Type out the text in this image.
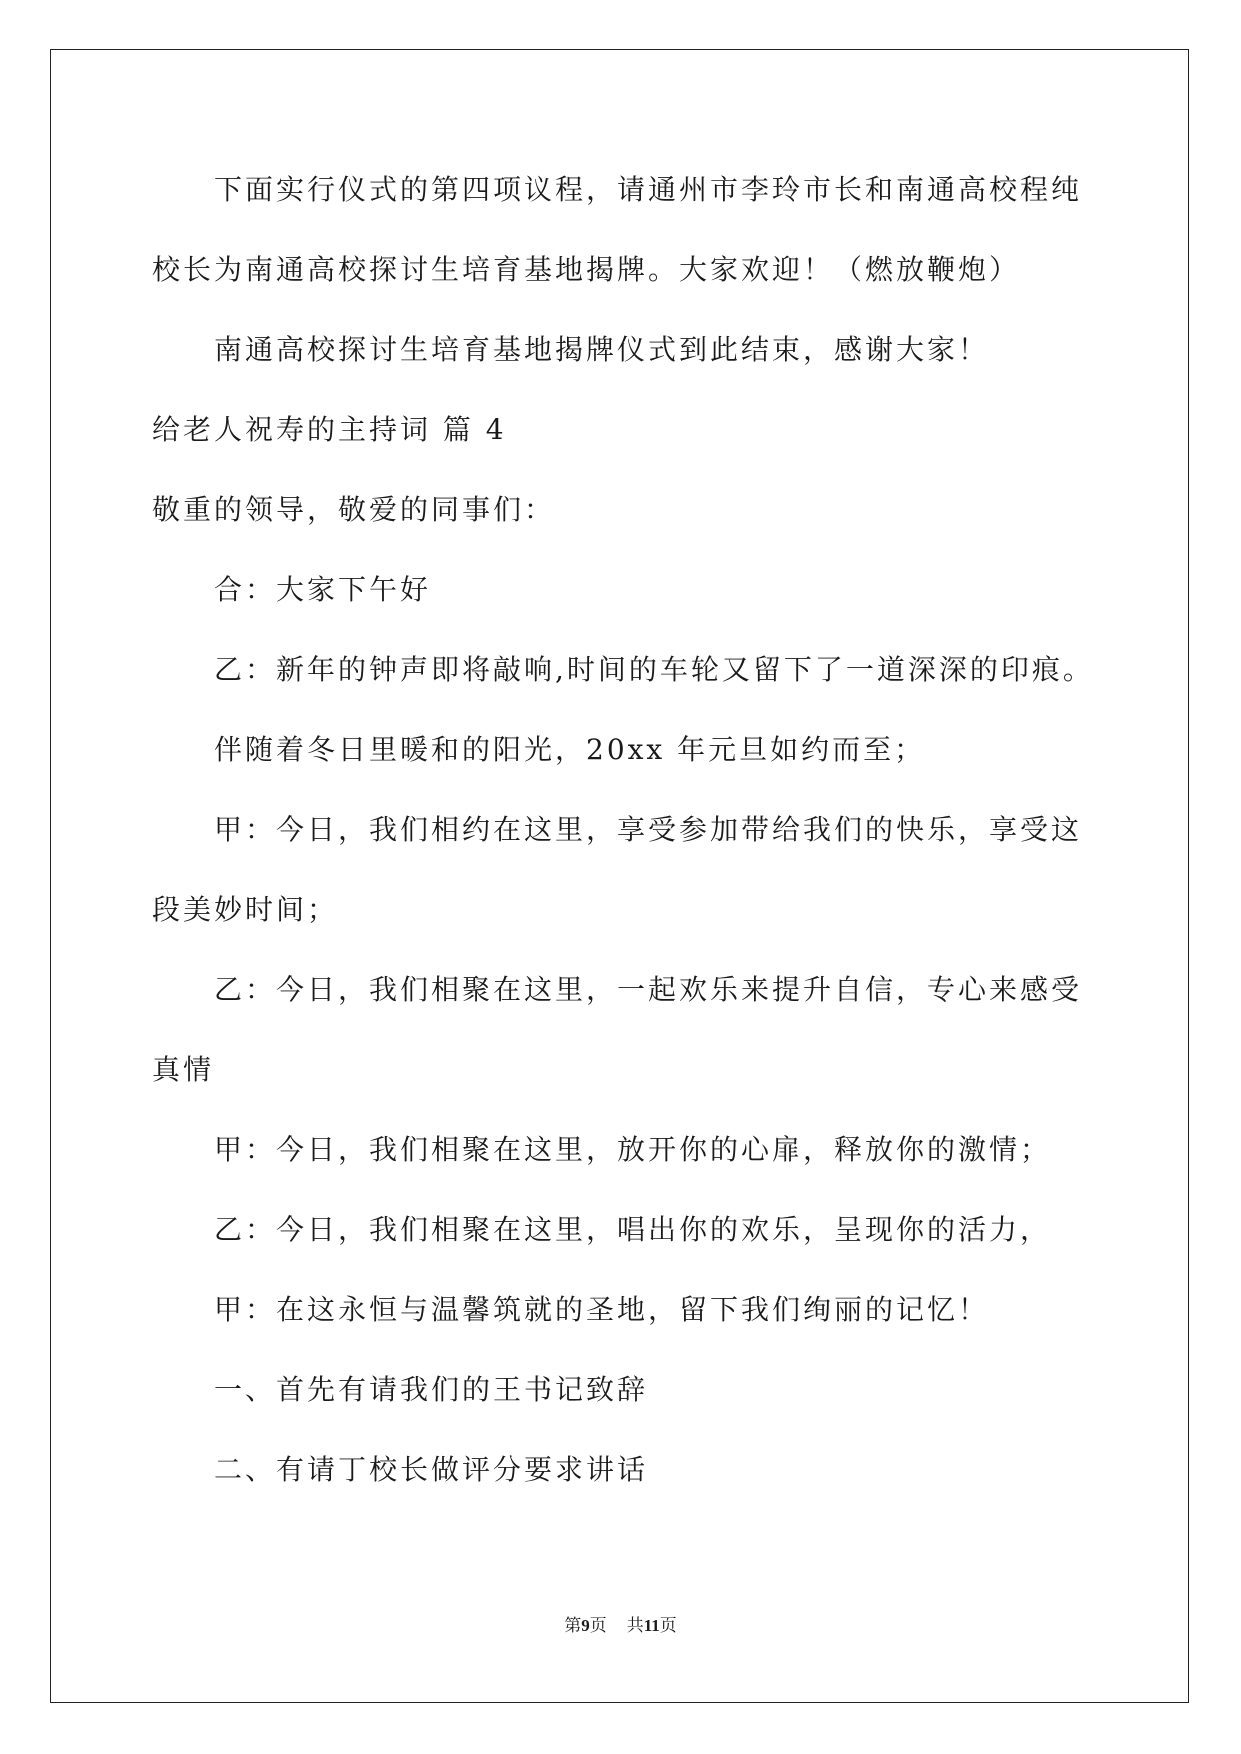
下面实行仪式的第四项议程，请通州市李玲市长和南通高校程纯
校长为南通高校探讨生培育基地揭牌。大家欢迎！（燃放鞭炮）
南通高校探讨生培育基地揭牌仪式到此结束，感谢大家！
给老人祝寿的主持词 篇 4
敬重的领导，敬爱的同事们：
合：大家下午好
乙：新年的钟声即将敲响,时间的车轮又留下了一道深深的印痕。
伴随着冬日里暖和的阳光，20xx 年元旦如约而至；
甲：今日，我们相约在这里，享受参加带给我们的快乐，享受这
段美妙时间；
乙：今日，我们相聚在这里，一起欢乐来提升自信，专心来感受
真情
甲：今日，我们相聚在这里，放开你的心扉，释放你的激情；
乙：今日，我们相聚在这里，唱出你的欢乐，呈现你的活力，
甲：在这永恒与温馨筑就的圣地，留下我们绚丽的记忆！
一、首先有请我们的王书记致辞
二、有请丁校长做评分要求讲话
第9页 共11页
